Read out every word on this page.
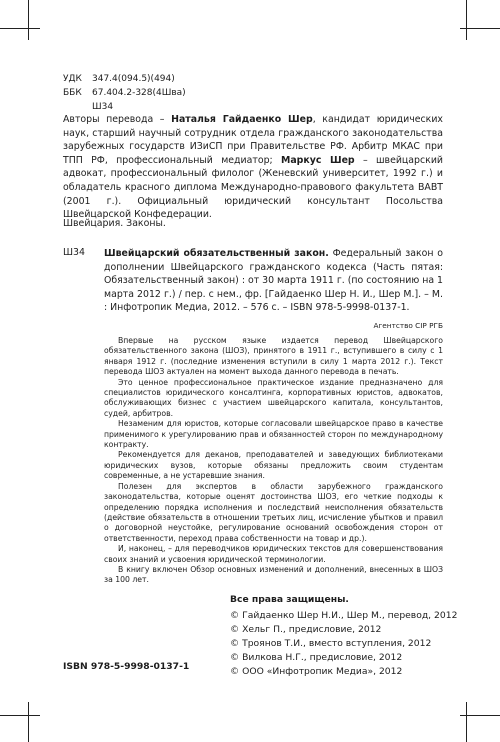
УДК	347.4(094.5)(494)
ББК	67.404.2-328(4Шва)
Ш34
Авторы перевода – Наталья Гайдаенко Шер, кандидат юридических наук, старший научный сотрудник отдела гражданского законодательства зарубежных государств ИЗиСП при Правительстве РФ. Арбитр МКАС при ТПП РФ, профессиональный медиатор; Маркус Шер – швейцарский адвокат, профессиональный филолог (Женевский университет, 1992 г.) и обладатель красного диплома Международно-правового факультета ВАВТ (2001 г.). Официальный юридический консультант Посольства Швейцарской Конфедерации.
Швейцария. Законы.
Ш34 Швейцарский обязательственный закон. Федеральный закон о дополнении Швейцарского гражданского кодекса (Часть пятая: Обязательственный закон) : от 30 марта 1911 г. (по состоянию на 1 марта 2012 г.) / пер. с нем., фр. [Гайдаенко Шер Н. И., Шер М.]. – М. : Инфотропик Медиа, 2012. – 576 с. – ISBN 978-5-9998-0137-1.
Агентство CIP РГБ

Впервые на русском языке издается перевод Швейцарского обязательственного закона (ШОЗ), принятого в 1911 г., вступившего в силу с 1 января 1912 г. (последние изменения вступили в силу 1 марта 2012 г.). Текст перевода ШОЗ актуален на момент выхода данного перевода в печать.

Это ценное профессиональное практическое издание предназначено для специалистов юридического консалтинга, корпоративных юристов, адвокатов, обслуживающих бизнес с участием швейцарского капитала, консультантов, судей, арбитров.

Незаменим для юристов, которые согласовали швейцарское право в качестве применимого к урегулированию прав и обязанностей сторон по международному контракту.

Рекомендуется для деканов, преподавателей и заведующих библиотеками юридических вузов, которые обязаны предложить своим студентам современные, а не устаревшие знания.

Полезен для экспертов в области зарубежного гражданского законодательства, которые оценят достоинства ШОЗ, его четкие подходы к определению порядка исполнения и последствий неисполнения обязательств (действие обязательств в отношении третьих лиц, исчисление убытков и правил о договорной неустойке, регулирование оснований освобождения сторон от ответственности, переход права собственности на товар и др.).

И, наконец, – для переводчиков юридических текстов для совершенствования своих знаний и усвоения юридической терминологии.

В книгу включен Обзор основных изменений и дополнений, внесенных в ШОЗ за 100 лет.

Все права защищены.
© Гайдаенко Шер Н.И., Шер М., перевод, 2012
© Хельг П., предисловие, 2012
© Троянов Т.И., вместо вступления, 2012
© Вилкова Н.Г., предисловие, 2012
© ООО «Инфотропик Медиа», 2012
ISBN 978-5-9998-0137-1
